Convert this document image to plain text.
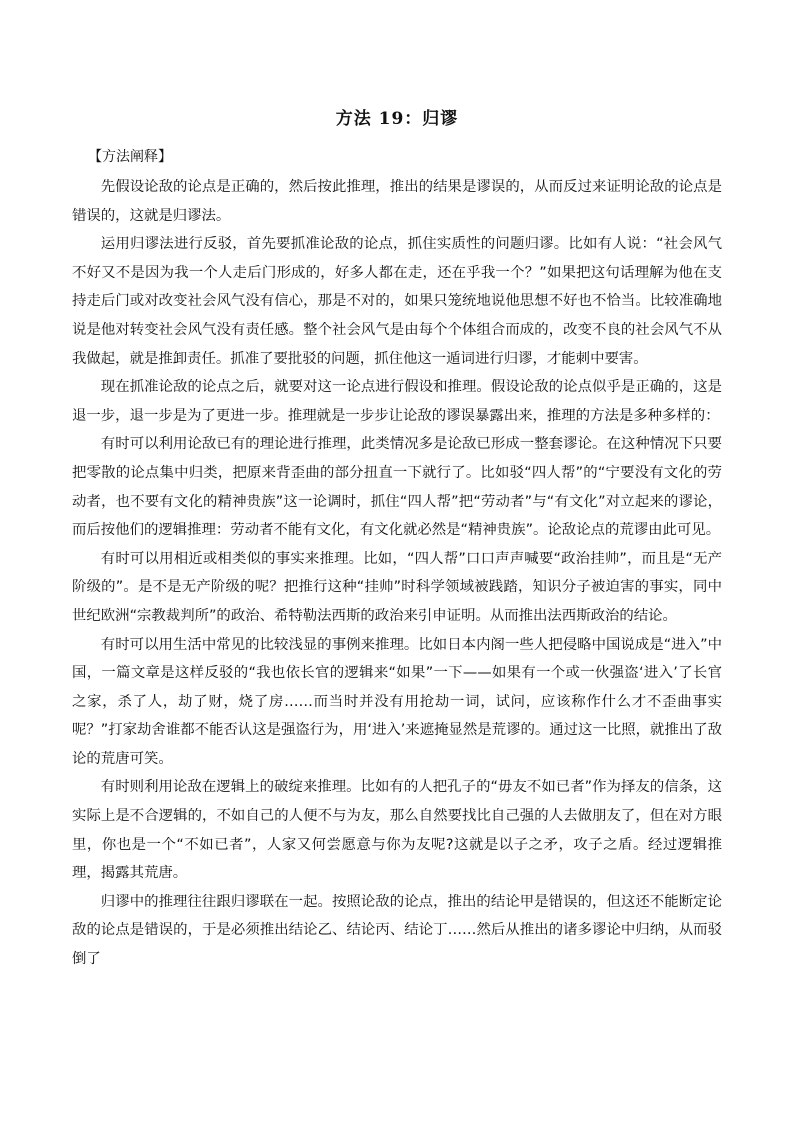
方法 19：归谬
【方法阐释】

先假设论敌的论点是正确的，然后按此推理，推出的结果是谬误的，从而反过来证明论敌的论点是错误的，这就是归谬法。

运用归谬法进行反驳，首先要抓准论敌的论点，抓住实质性的问题归谬。比如有人说：“社会风气不好又不是因为我一个人走后门形成的，好多人都在走，还在乎我一个？”如果把这句话理解为他在支持走后门或对改变社会风气没有信心，那是不对的，如果只笼统地说他思想不好也不恰当。比较准确地说是他对转变社会风气没有责任感。整个社会风气是由每个个体组合而成的，改变不良的社会风气不从我做起，就是推卸责任。抓准了要批驳的问题，抓住他这一遁词进行归谬，才能刺中要害。

现在抓准论敌的论点之后，就要对这一论点进行假设和推理。假设论敌的论点似乎是正确的，这是退一步，退一步是为了更进一步。推理就是一步步让论敌的谬误暴露出来，推理的方法是多种多样的：

有时可以利用论敌已有的理论进行推理，此类情况多是论敌已形成一整套谬论。在这种情况下只要把零散的论点集中归类，把原来背歪曲的部分扭直一下就行了。比如驳“四人帮”的“宁要没有文化的劳动者，也不要有文化的精神贵族”这一论调时，抓住“四人帮”把“劳动者”与“有文化”对立起来的谬论，而后按他们的逻辑推理：劳动者不能有文化，有文化就必然是“精神贵族”。论敌论点的荒谬由此可见。

有时可以用相近或相类似的事实来推理。比如，“四人帮”口口声声喊要“政治挂帅”，而且是“无产阶级的”。是不是无产阶级的呢？把推行这种“挂帅”时科学领域被践踏，知识分子被迫害的事实，同中世纪欧洲“宗教裁判所”的政治、希特勒法西斯的政治来引申证明。从而推出法西斯政治的结论。

有时可以用生活中常见的比较浅显的事例来推理。比如日本内阁一些人把侵略中国说成是“进入”中国，一篇文章是这样反驳的“我也依长官的逻辑来“如果”一下——如果有一个或一伙强盗‘进入’了长官之家，杀了人，劫了财，烧了房……而当时并没有用抢劫一词，试问，应该称作什么才不歪曲事实呢？”打家劫舍谁都不能否认这是强盗行为，用‘进入’来遮掩显然是荒谬的。通过这一比照，就推出了敌论的荒唐可笑。

有时则利用论敌在逻辑上的破绽来推理。比如有的人把孔子的“毋友不如已者”作为择友的信条，这实际上是不合逻辑的，不如自己的人便不与为友，那么自然要找比自己强的人去做朋友了，但在对方眼里，你也是一个“不如已者”，人家又何尝愿意与你为友呢?这就是以子之矛，攻子之盾。经过逻辑推理，揭露其荒唐。

归谬中的推理往往跟归谬联在一起。按照论敌的论点，推出的结论甲是错误的，但这还不能断定论敌的论点是错误的，于是必须推出结论乙、结论丙、结论丁……然后从推出的诸多谬论中归纳，从而驳倒了
